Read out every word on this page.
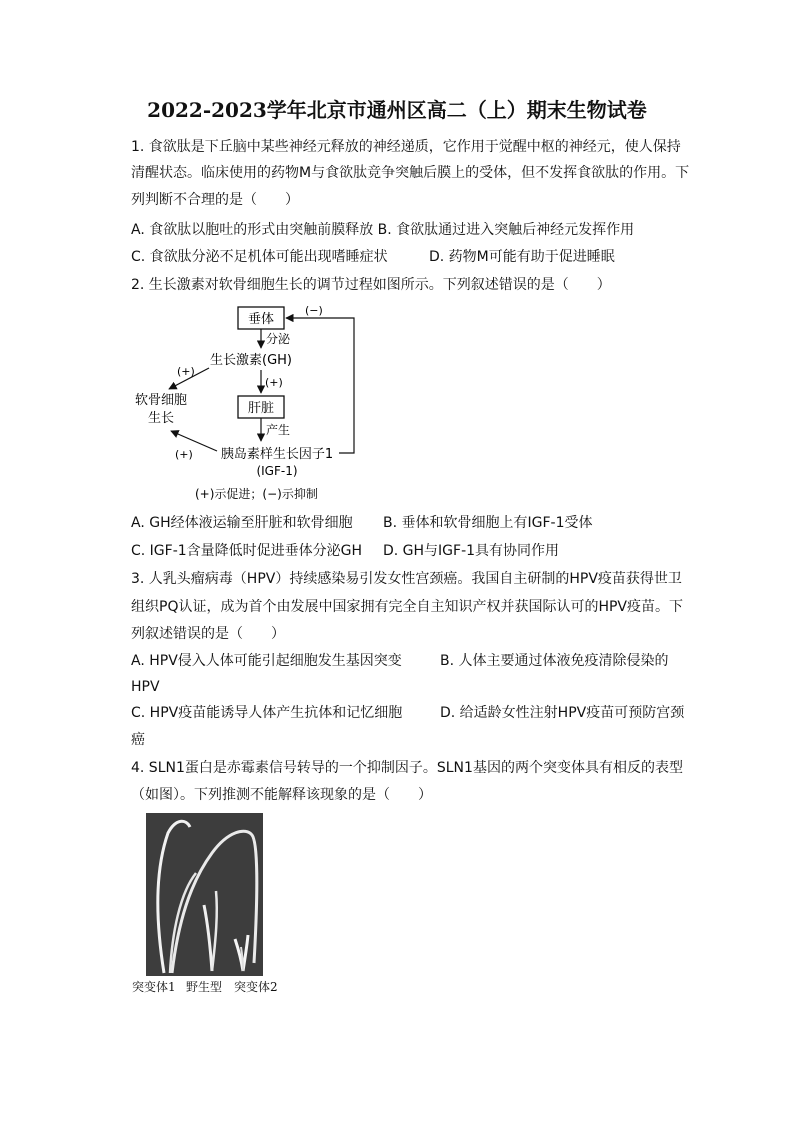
2022-2023学年北京市通州区高二（上）期末生物试卷
1. 食欲肽是下丘脑中某些神经元释放的神经递质，它作用于觉醒中枢的神经元，使人保持
清醒状态。临床使用的药物M与食欲肽竞争突触后膜上的受体，但不发挥食欲肽的作用。下
列判断不合理的是（　　）
A. 食欲肽以胞吐的形式由突触前膜释放 B. 食欲肽通过进入突触后神经元发挥作用
C. 食欲肽分泌不足机体可能出现嗜睡症状	D. 药物M可能有助于促进睡眠
2. 生长激素对软骨细胞生长的调节过程如图所示。下列叙述错误的是（　　）
垂体
分泌
生长激素(GH)
(+)
肝脏
产生
胰岛素样生长因子1
(IGF-1)
软骨细胞
生长
(+)
(+)
(−)
(+)示促进；(−)示抑制
A. GH经体液运输至肝脏和软骨细胞 B. 垂体和软骨细胞上有IGF-1受体
C. IGF-1含量降低时促进垂体分泌GH D. GH与IGF-1具有协同作用
3. 人乳头瘤病毒（HPV）持续感染易引发女性宫颈癌。我国自主研制的HPV疫苗获得世卫
组织PQ认证，成为首个由发展中国家拥有完全自主知识产权并获国际认可的HPV疫苗。下
列叙述错误的是（　　）
A. HPV侵入人体可能引起细胞发生基因突变	B. 人体主要通过体液免疫清除侵染的
HPV
C. HPV疫苗能诱导人体产生抗体和记忆细胞	D. 给适龄女性注射HPV疫苗可预防宫颈
癌
4. SLN1蛋白是赤霉素信号转导的一个抑制因子。SLN1基因的两个突变体具有相反的表型
（如图）。下列推测不能解释该现象的是（　　）
突变体1 野生型 突变体2
